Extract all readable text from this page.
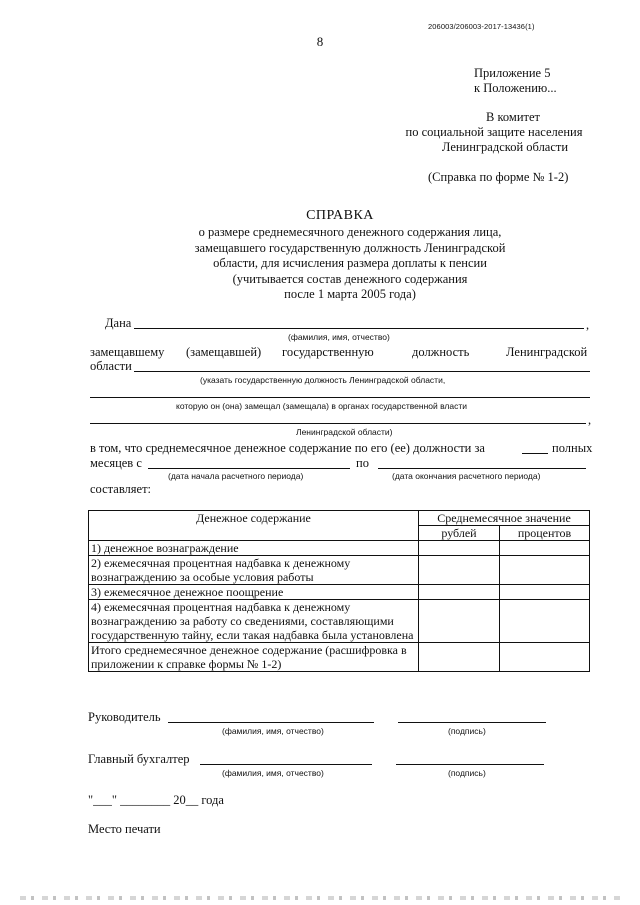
206003/206003-2017-13436(1)
8
Приложение 5
к Положению...
В комитет
по социальной защите населения
Ленинградской области
(Справка по форме № 1-2)
СПРАВКА
о размере среднемесячного денежного содержания лица,
замещавшего государственную должность Ленинградской
области, для исчисления размера доплаты к пенсии
(учитывается состав денежного содержания
после 1 марта 2005 года)
Дана	,
(фамилия, имя, отчество)
замещавшему (замещавшей) государственную	должность	Ленинградской
области
(указать государственную должность Ленинградской области,
которую он (она) замещал (замещала) в органах государственной власти
,
Ленинградской области)
в том, что среднемесячное денежное содержание по его (ее) должности за	полных
месяцев с	по
(дата начала расчетного периода)	(дата окончания расчетного периода)
составляет:
Денежное содержание	Среднемесячное значение	
	рублей	процентов
1) денежное вознаграждение		
2) ежемесячная процентная надбавка к денежному вознаграждению за особые условия работы		
3) ежемесячное денежное поощрение		
4) ежемесячная процентная надбавка к денежному вознаграждению за работу со сведениями, составляющими государственную тайну, если такая надбавка была установлена		
Итого среднемесячное денежное содержание (расшифровка в приложении к справке формы № 1-2)		
Руководитель
(фамилия, имя, отчество)	(подпись)
Главный бухгалтер
(фамилия, имя, отчество)	(подпись)
"___" ________ 20__ года
Место печати
